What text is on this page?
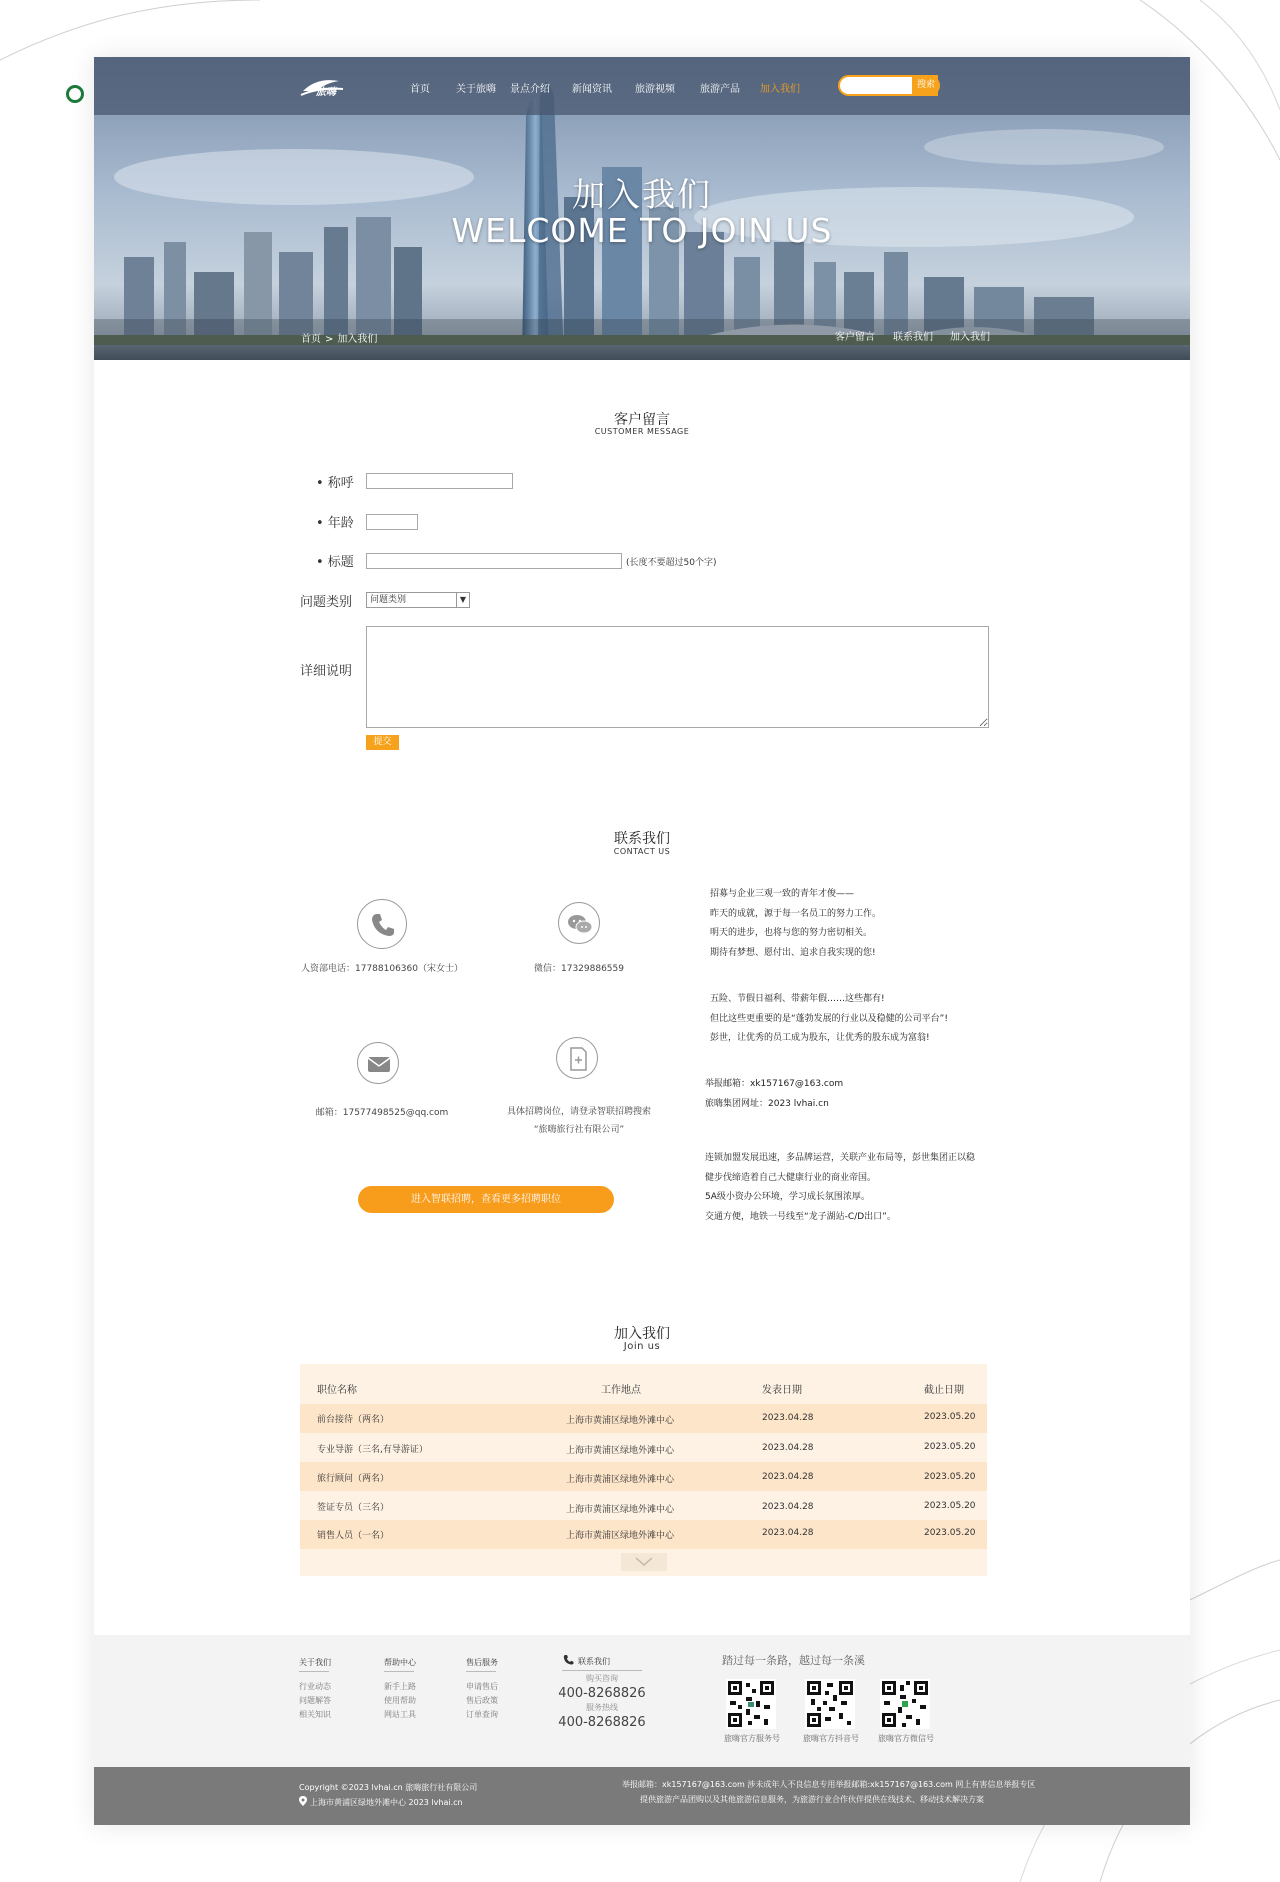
旅嗨	首页	关于旅嗨 景点介绍 新闻资讯 旅游视频	旅游产品 加入我们	搜索
加入我们
WELCOME TO JOIN US
首页 > 加入我们	客户留言 联系我们 加入我们
客户留言
CUSTOMER MESSAGE
• 称呼
• 年龄
• 标题	(长度不要超过50个字)
问题类别	问题类别	▼
详细说明
提交
联系我们
CONTACT US
人资部电话：17788106360（宋女士）	微信：17329886559
邮箱：17577498525@qq.com	具体招聘岗位，请登录智联招聘搜索
“旅嗨旅行社有限公司”
进入智联招聘，查看更多招聘职位
招募与企业三观一致的青年才俊——
昨天的成就，源于每一名员工的努力工作。
明天的进步，也将与您的努力密切相关。
期待有梦想、愿付出、追求自我实现的您!
五险、节假日福利、带薪年假……这些都有!
但比这些更重要的是“蓬勃发展的行业以及稳健的公司平台”!
彭世，让优秀的员工成为股东，让优秀的股东成为富翁!
举报邮箱：xk157167@163.com
旅嗨集团网址：2023 lvhai.cn
连锁加盟发展迅速，多品牌运营，关联产业布局等，彭世集团正以稳
健步伐缔造着自己大健康行业的商业帝国。
5A级小资办公环境，学习成长氛围浓厚。
交通方便，地铁一号线至“龙子湖站-C/D出口”。
加入我们
Join us
职位名称	工作地点	发表日期	截止日期
前台接待（两名）	上海市黄浦区绿地外滩中心	2023.04.28	2023.05.20
专业导游（三名,有导游证）	上海市黄浦区绿地外滩中心	2023.04.28	2023.05.20
旅行顾问（两名）	上海市黄浦区绿地外滩中心	2023.04.28	2023.05.20
签证专员（三名）	上海市黄浦区绿地外滩中心	2023.04.28	2023.05.20
销售人员（一名）	上海市黄浦区绿地外滩中心	2023.04.28	2023.05.20
关于我们
行业动态
问题解答
相关知识
帮助中心
新手上路
使用帮助
网站工具
售后服务
申请售后
售后政策
订单查询
联系我们
购买咨询
400-8268826
服务热线
400-8268826
踏过每一条路，越过每一条溪
旅嗨官方服务号	旅嗨官方抖音号 旅嗨官方微信号
Copyright ©2023 lvhai.cn 旅嗨旅行社有限公司
上海市黄浦区绿地外滩中心 2023 lvhai.cn
举报邮箱：xk157167@163.com 涉未成年人不良信息专用举报邮箱:xk157167@163.com 网上有害信息举报专区
提供旅游产品团购以及其他旅游信息服务，为旅游行业合作伙伴提供在线技术、移动技术解决方案
